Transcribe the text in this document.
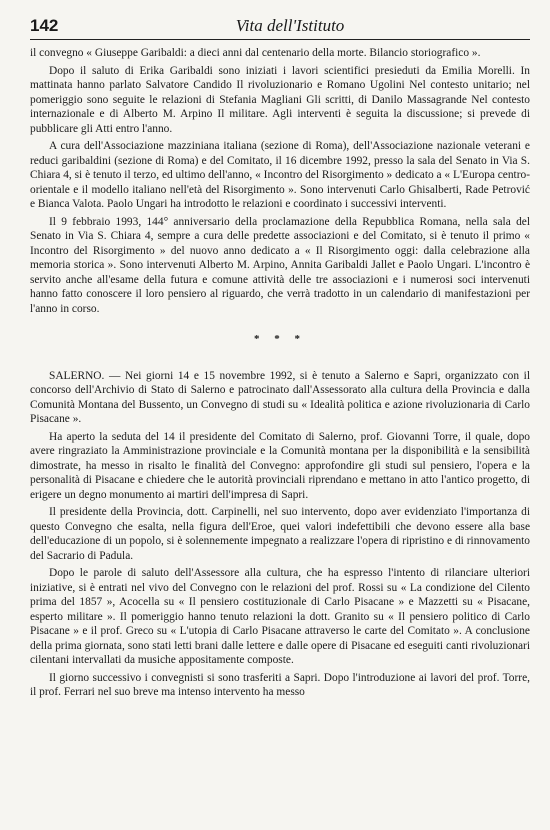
142	Vita dell'Istituto

il convegno « Giuseppe Garibaldi: a dieci anni dal centenario della morte. Bilancio storiografico ».

Dopo il saluto di Erika Garibaldi sono iniziati i lavori scientifici presieduti da Emilia Morelli. In mattinata hanno parlato Salvatore Candido Il rivoluzionario e Romano Ugolini Nel contesto unitario; nel pomeriggio sono seguite le relazioni di Stefania Magliani Gli scritti, di Danilo Massagrande Nel contesto internazionale e di Alberto M. Arpino Il militare. Agli interventi è seguita la discussione; si prevede di pubblicare gli Atti entro l'anno.

A cura dell'Associazione mazziniana italiana (sezione di Roma), dell'Associazione nazionale veterani e reduci garibaldini (sezione di Roma) e del Comitato, il 16 dicembre 1992, presso la sala del Senato in Via S. Chiara 4, si è tenuto il terzo, ed ultimo dell'anno, « Incontro del Risorgimento » dedicato a « L'Europa centro-orientale e il modello italiano nell'età del Risorgimento ». Sono intervenuti Carlo Ghisalberti, Rade Petrović e Bianca Valota. Paolo Ungari ha introdotto le relazioni e coordinato i successivi interventi.

Il 9 febbraio 1993, 144° anniversario della proclamazione della Repubblica Romana, nella sala del Senato in Via S. Chiara 4, sempre a cura delle predette associazioni e del Comitato, si è tenuto il primo « Incontro del Risorgimento » del nuovo anno dedicato a « Il Risorgimento oggi: dalla celebrazione alla memoria storica ». Sono intervenuti Alberto M. Arpino, Annita Garibaldi Jallet e Paolo Ungari. L'incontro è servito anche all'esame della futura e comune attività delle tre associazioni e i numerosi soci intervenuti hanno fatto conoscere il loro pensiero al riguardo, che verrà tradotto in un calendario di manifestazioni per l'anno in corso.

* * *

SALERNO. — Nei giorni 14 e 15 novembre 1992, si è tenuto a Salerno e Sapri, organizzato con il concorso dell'Archivio di Stato di Salerno e patrocinato dall'Assessorato alla cultura della Provincia e dalla Comunità Montana del Bussento, un Convegno di studi su « Idealità politica e azione rivoluzionaria di Carlo Pisacane ».

Ha aperto la seduta del 14 il presidente del Comitato di Salerno, prof. Giovanni Torre, il quale, dopo avere ringraziato la Amministrazione provinciale e la Comunità montana per la disponibilità e la sensibilità dimostrate, ha messo in risalto le finalità del Convegno: approfondire gli studi sul pensiero, l'opera e la personalità di Pisacane e chiedere che le autorità provinciali riprendano e mettano in atto l'antico progetto, di erigere un degno monumento ai martiri dell'impresa di Sapri.

Il presidente della Provincia, dott. Carpinelli, nel suo intervento, dopo aver evidenziato l'importanza di questo Convegno che esalta, nella figura dell'Eroe, quei valori indefettibili che devono essere alla base dell'educazione di un popolo, si è solennemente impegnato a realizzare l'opera di ripristino e di rinnovamento del Sacrario di Padula.

Dopo le parole di saluto dell'Assessore alla cultura, che ha espresso l'intento di rilanciare ulteriori iniziative, si è entrati nel vivo del Convegno con le relazioni del prof. Rossi su « La condizione del Cilento prima del 1857 », Acocella su « Il pensiero costituzionale di Carlo Pisacane » e Mazzetti su « Pisacane, esperto militare ». Il pomeriggio hanno tenuto relazioni la dott. Granito su « Il pensiero politico di Carlo Pisacane » e il prof. Greco su « L'utopia di Carlo Pisacane attraverso le carte del Comitato ». A conclusione della prima giornata, sono stati letti brani dalle lettere e dalle opere di Pisacane ed eseguiti canti rivoluzionari cilentani intervallati da musiche appositamente composte.

Il giorno successivo i convegnisti si sono trasferiti a Sapri. Dopo l'introduzione ai lavori del prof. Torre, il prof. Ferrari nel suo breve ma intenso intervento ha messo
